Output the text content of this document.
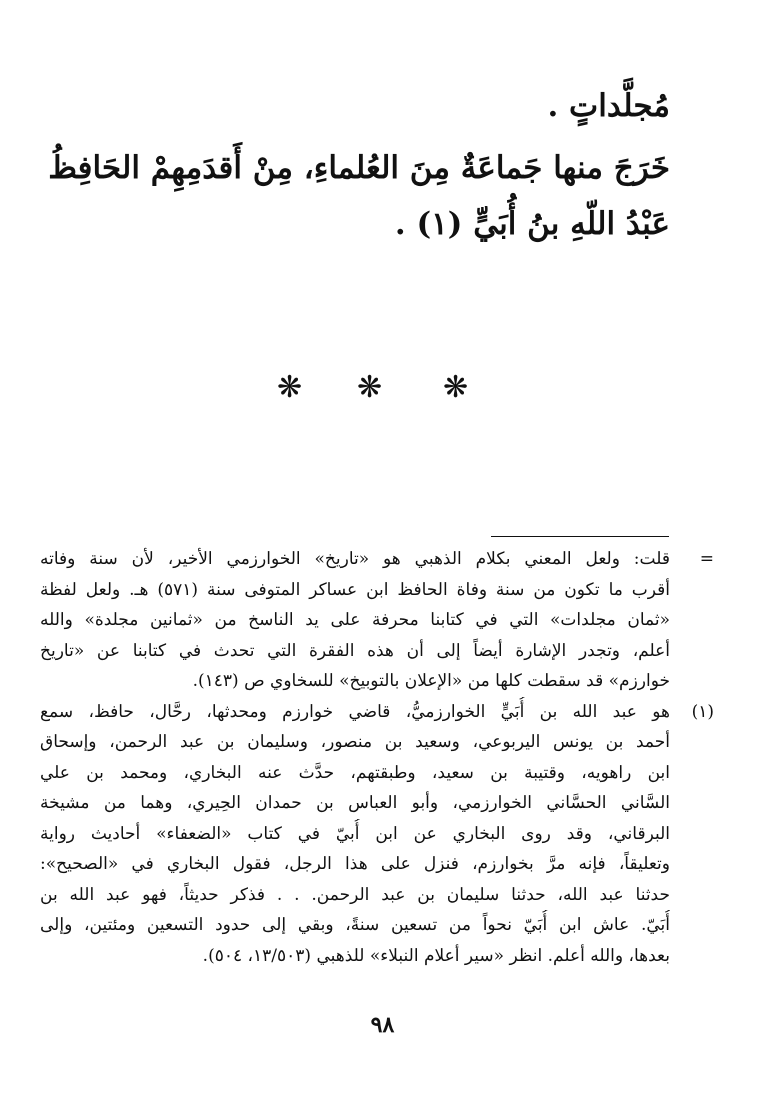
مُجلَّداتٍ .

خَرَجَ منها جَماعَةٌ مِنَ العُلماءِ، مِنْ أَقدَمِهِمْ الحَافِظُ

عَبْدُ اللّهِ بنُ أُبَيٍّ (١) .

❋ ❋ ❋
=
قلت: ولعل المعني بكلام الذهبي هو «تاريخ» الخوارزمي الأخير، لأن سنة وفاته
أقرب ما تكون من سنة وفاة الحافظ ابن عساكر المتوفى سنة (٥٧١) هـ. ولعل لفظة
«ثمان مجلدات» التي في كتابنا محرفة على يد الناسخ من «ثمانين مجلدة» والله
أعلم، وتجدر الإشارة أيضاً إلى أن هذه الفقرة التي تحدث في كتابنا عن «تاريخ
خوارزم» قد سقطت كلها من «الإعلان بالتوبيخ» للسخاوي ص (١٤٣).
(١)
هو عبد الله بن أُبَيٍّ الخوارزميُّ، قاضي خوارزم ومحدثها، رحَّال، حافظ، سمع
أحمد بن يونس اليربوعي، وسعيد بن منصور، وسليمان بن عبد الرحمن، وإسحاق
ابن راهويه، وقتيبة بن سعيد، وطبقتهم، حدَّث عنه البخاري، ومحمد بن علي
السَّاني الحسَّاني الخوارزمي، وأبو العباس بن حمدان الحِيري، وهما من مشيخة
البرقاني، وقد روى البخاري عن ابن أُبيّ في كتاب «الضعفاء» أحاديث رواية
وتعليقاً، فإنه مرَّ بخوارزم، فنزل على هذا الرجل، فقول البخاري في «الصحيح»:
حدثنا عبد الله، حدثنا سليمان بن عبد الرحمن. . . فذكر حديثاً، فهو عبد الله بن
أُبَيّ. عاش ابن أُبَيّ نحواً من تسعين سنةً، وبقي إلى حدود التسعين ومئتين، وإلى
بعدها، والله أعلم. انظر «سير أعلام النبلاء» للذهبي (١٣/٥٠٣، ٥٠٤).
٩٨
